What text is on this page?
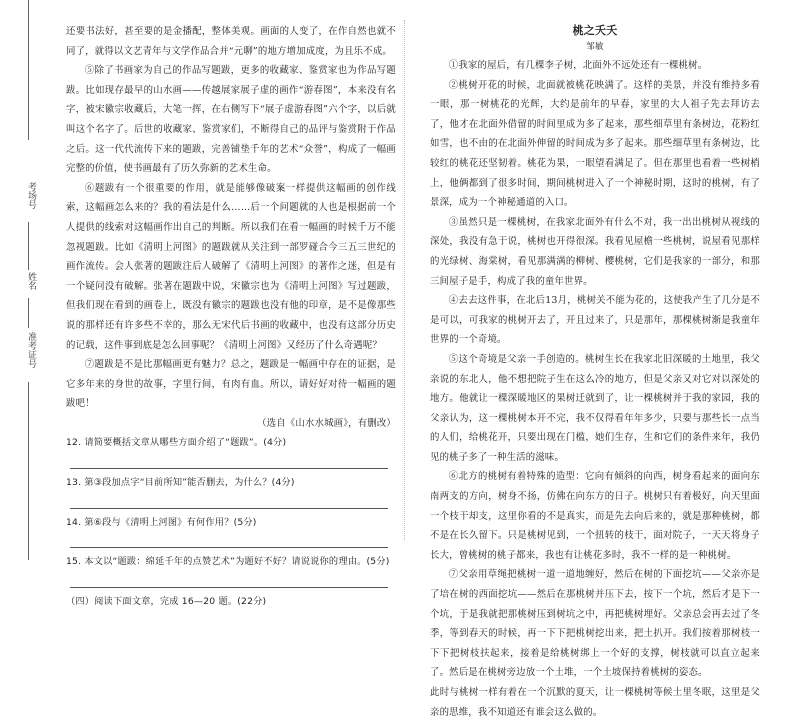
考场号
姓名
准考证号

还要书法好，甚至要的是金播配，整体美观。画面的人变了，在作自然也就不同了，就得以文艺青年与文学作品合并“元聊”的地方增加成度，为且乐不成。

⑤除了书画家为自己的作品写题跋，更多的收藏家、鉴赏家也为作品写题跋。比如现存最早的山水画——传越展家展子虚的画作“游春图”，本来没有名字，被宋徽宗收藏后，大笔一挥，在右侧写下“展子虚游春图”六个字，以后就叫这个名字了。后世的收藏家、鉴赏家们，不断得自己的品评与鉴赏附于作品之后。这一代代流传下来的题跋，完善铺垫千年的艺术“众誉”，构成了一幅画完整的价值，使书画最有了历久弥新的艺术生命。

⑥题跋有一个很重要的作用，就是能够像破案一样提供这幅画的创作线索，这幅画怎么来的？我的看法是什么……后一个问题就的人也是根据前一个人提供的线索对这幅画作出自己的判断。所以我们在看一幅画的时候千万不能忽视题跋。比如《清明上河图》的题跋就从关注到一部罗碰合今三五三世纪的画作流传。会人张著的题跋注后人破解了《清明上河图》的著作之迷，但是有一个疑问没有破解。张著在题跋中说，宋徽宗也为《清明上河图》写过题跋，但我们现在看到的画卷上，既没有徽宗的题跋也没有他的印章，是不是像那些说的那样还有许多些不幸的，那么无宋代后书画的收藏中，也没有这部分历史的记载，这件事到底是怎么回事呢？《清明上河图》又经历了什么奇遇呢？

⑦题跋是不是比那幅画更有魅力？总之，题跋是一幅画中存在的证据，是它多年来的身世的故事，字里行间，有肉有血。所以，请好好对待一幅画的题跋吧！

（选自《山水水城画》，有删改）

12. 请简要概括文章从哪些方面介绍了“题跋”。(4分)

13. 第③段加点字“目前所知”能否删去，为什么？(4分)

14. 第⑥段与《清明上河图》有何作用？(5分)

15. 本文以“题跋：绵延千年的点赞艺术”为题好不好？请说说你的理由。(5分)

（四）阅读下面文章，完成 16—20 题。(22分)

桃之夭夭

邹敏

①我家的屋后，有几棵李子树，北面外不远处还有一棵桃树。

②桃树开花的时候，北面就被桃花映满了。这样的美景，并没有维持多看一眼，那一树桃花的光辉，大约是前年的早春，家里的大人祖子先去拜访去了，他才在北面外借留的时间里成为多了起来，那些细草里有条树边，花粉红如雪，也不由的在北面外伸留的时间成为多了起来。那些细草里有条树边，比较红的桃花还坚韧着。桃花为果，一眼望看满足了。但在那里也看着一些树梢上，他俩都到了很多时间，期间桃树进入了一个神秘时期，这时的桃树，有了景深，成为一个神秘通道的入口。

③虽然只是一棵桃树，在我家北面外有什么不对，我一出出桃树从视线的深处，我没有急于说，桃树也开得很深。我看见屋檐一些桃树，说屋看见那样的光绿树、海棠树，看见那满满的柳树、樱桃树，它们是我家的一部分，和那三间屋子是手，构成了我的童年世界。

④去去这件事，在北后13月，桃树关不能为花的，这使我产生了几分是不是可以，可我家的桃树开去了，开且过来了，只是那年，那棵桃树渐是我童年世界的一个奇境。

⑤这个奇境是父亲一手创造的。桃树生长在我家北旧深暖的土地里，我父亲说的东北人，他不想把院子生在这么冷的地方，但是父亲又对它对以深处的地方。他就让一棵深暖地区的果树迁就到了，让一棵桃树并于我的家园，我的父亲认为，这一棵桃树本开不完，我不仅得看年年多少，只要与那些长一点当的人们，给桃花开，只要出现在门槛，她们生存，生和它们的条件来年，我仍见的桃子多了一种生活的滋味。

⑥北方的桃树有着特殊的造型：它向有倾斜的向西，树身看起来的面向东南两支的方向，树身不扬，仿佛在向东方的日子。桃树只有着极好，向天里面一个枝干却支，这里你看的不是真实，而是先去向后来的，就是那种桃树，都不是在长久留下。只是桃树见到，一个扭转的枝干，面对院子，一天天将身子长大，曾桃树的桃子都来，我也有让桃花多时，我不一样的是一种桃树。

⑦父亲用草绳把桃树一道一道地缠好，然后在树的下面挖坑——父亲亦是了培在树的西面挖坑——然后在那桃树并压下去，按下一个坑，然后才是下一个坑，于是我就把那桃树压到树坑之中，再把桃树埋好。父亲总会再去过了冬季，等到春天的时候，再一下下把桃树挖出来，把土扒开。我们按着那树枝一下下把树枝扶起来，接着是给桃树绑上一个好的支撑，树枝就可以直立起来了。然后是在桃树旁边放一个土堆，一个土坡保持着桃树的姿态。

此时与桃树一样有着在一个沉默的夏天，让一棵桃树等候土里冬眠，这里是父亲的思维，我不知道还有谁会这么做的。
